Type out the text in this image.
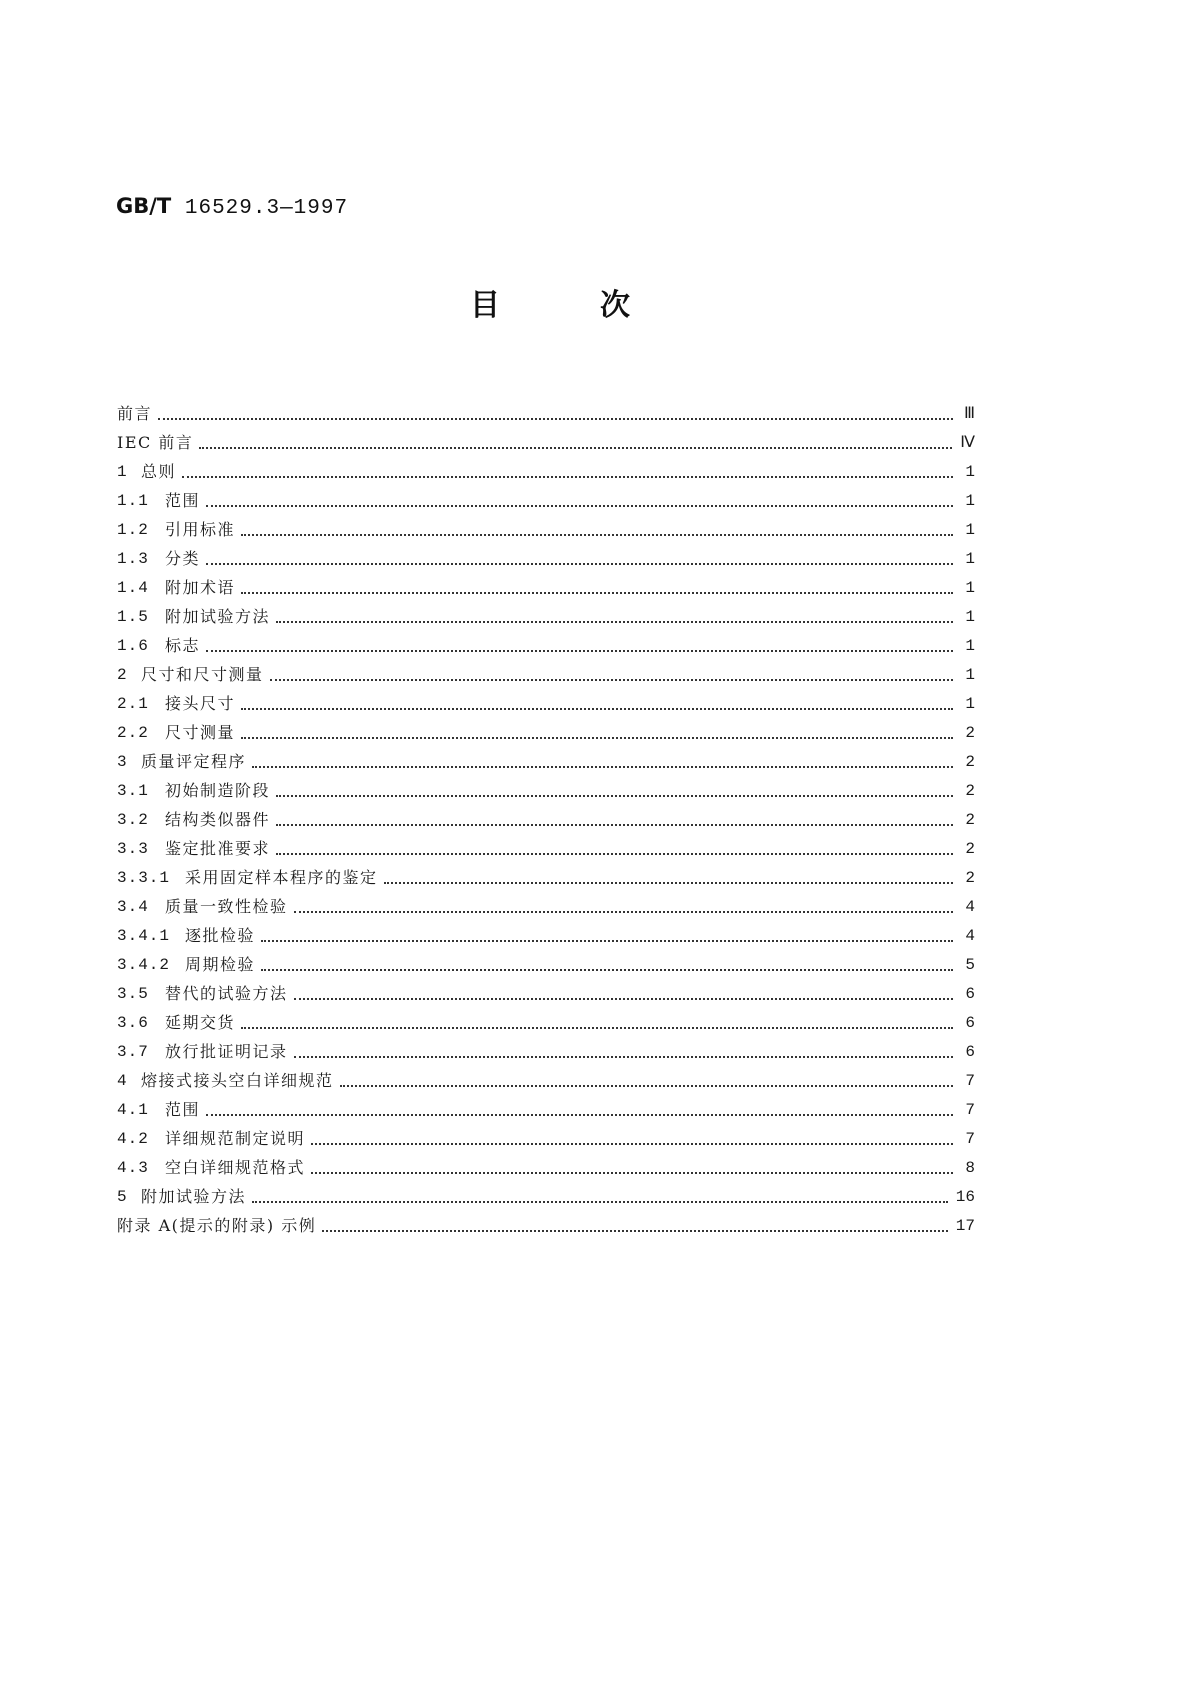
GB/T 16529.3—1997
目	次
前言	Ⅲ
IEC 前言	Ⅳ
1 总则	1
1.1	范围	1
1.2	引用标准	1
1.3	分类	1
1.4	附加术语	1
1.5	附加试验方法	1
1.6	标志	1
2 尺寸和尺寸测量	1
2.1	接头尺寸	1
2.2	尺寸测量	2
3 质量评定程序	2
3.1	初始制造阶段	2
3.2	结构类似器件	2
3.3	鉴定批准要求	2
3.3.1 采用固定样本程序的鉴定	2
3.4	质量一致性检验	4
3.4.1 逐批检验	4
3.4.2 周期检验	5
3.5	替代的试验方法	6
3.6	延期交货	6
3.7	放行批证明记录	6
4 熔接式接头空白详细规范	7
4.1	范围	7
4.2	详细规范制定说明	7
4.3	空白详细规范格式	8
5 附加试验方法	16
附录 A(提示的附录) 示例	17
